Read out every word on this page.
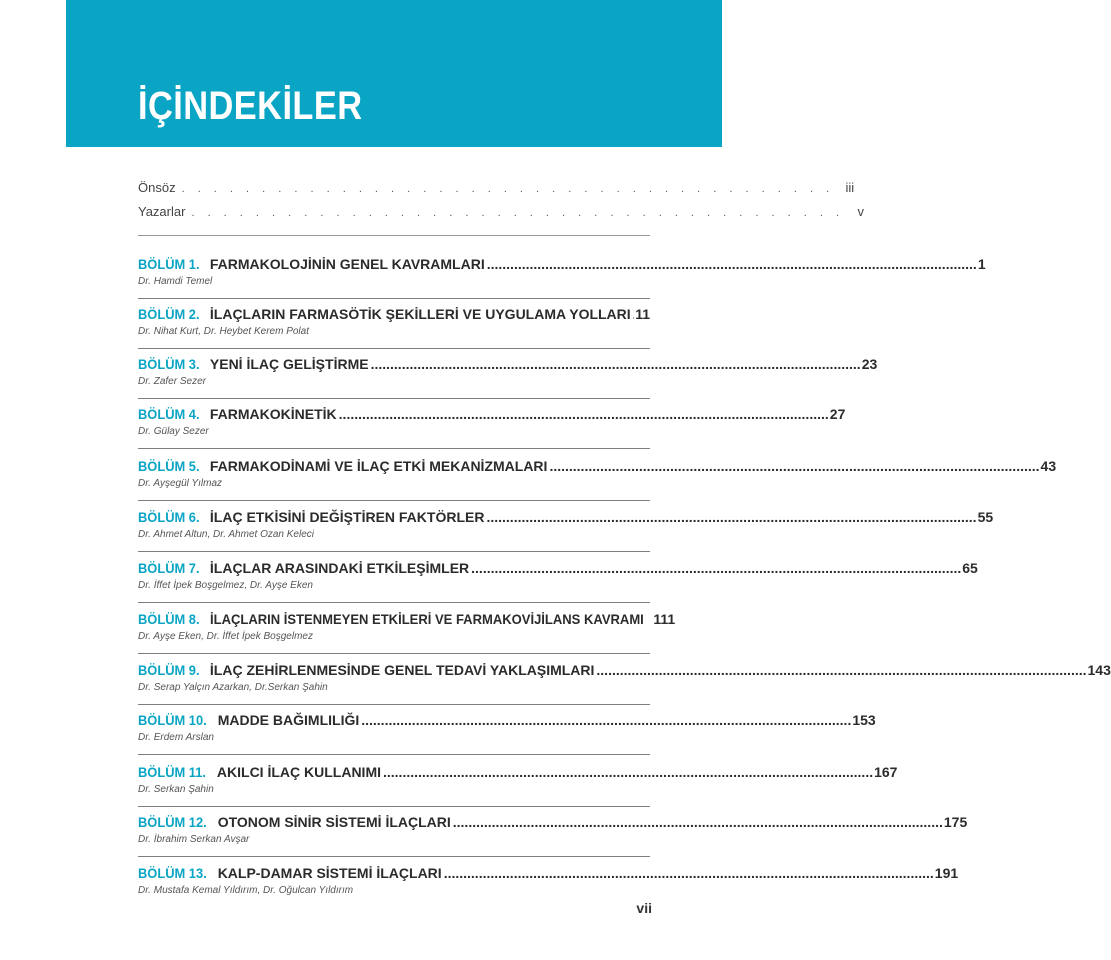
İÇİNDEKİLER
Önsöz . . . . . . . . . . . . . . . . . . . . . . . . . . . . . . . . . . . . . . . . . iii
Yazarlar . . . . . . . . . . . . . . . . . . . . . . . . . . . . . . . . . . . . . . . . .	v
BÖLÜM 1. FARMAKOLOJİNİN GENEL KAVRAMLARI .............................................................................................................................. 1
Dr. Hamdi Temel
BÖLÜM 2. İLAÇLARIN FARMASÖTİK ŞEKİLLERİ VE UYGULAMA YOLLARI 11
Dr. Nihat Kurt, Dr. Heybet Kerem Polat
BÖLÜM 3. YENİ İLAÇ GELİŞTİRME .............................................................................................................................. 23
Dr. Zafer Sezer
BÖLÜM 4. FARMAKOKİNETİK .............................................................................................................................. 27
Dr. Gülay Sezer
BÖLÜM 5. FARMAKODİNAMİ VE İLAÇ ETKİ MEKANİZMALARI .............................................................................................................................. 43
Dr. Ayşegül Yılmaz
BÖLÜM 6. İLAÇ ETKİSİNİ DEĞİŞTİREN FAKTÖRLER .............................................................................................................................. 55
Dr. Ahmet Altun, Dr. Ahmet Ozan Keleci
BÖLÜM 7. İLAÇLAR ARASINDAKİ ETKİLEŞİMLER .............................................................................................................................. 65
Dr. İffet İpek Boşgelmez, Dr. Ayşe Eken
BÖLÜM 8. İLAÇLARIN İSTENMEYEN ETKİLERİ VE FARMAKOVİJİLANS KAVRAMI 111
Dr. Ayşe Eken, Dr. İffet İpek Boşgelmez
BÖLÜM 9. İLAÇ ZEHİRLENMESİNDE GENEL TEDAVİ YAKLAŞIMLARI .............................................................................................................................. 143
Dr. Serap Yalçın Azarkan, Dr.Serkan Şahin
BÖLÜM 10. MADDE BAĞIMLILIĞI .............................................................................................................................. 153
Dr. Erdem Arslan
BÖLÜM 11. AKILCI İLAÇ KULLANIMI .............................................................................................................................. 167
Dr. Serkan Şahin
BÖLÜM 12. OTONOM SİNİR SİSTEMİ İLAÇLARI .............................................................................................................................. 175
Dr. İbrahim Serkan Avşar
BÖLÜM 13. KALP-DAMAR SİSTEMİ İLAÇLARI .............................................................................................................................. 191
Dr. Mustafa Kemal Yıldırım, Dr. Oğulcan Yıldırım
vii
